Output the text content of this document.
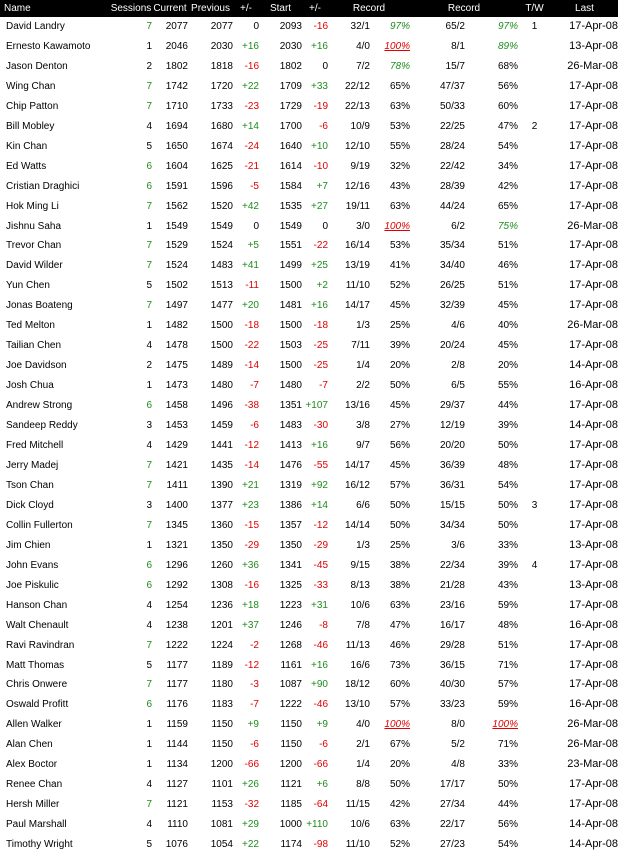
Name	Sessions	Current	Previous	+/-	Start	+/-	Record		Record		T/W	Last
David Landry	7	2077	2077	0	2093	-16	32/1	97%	65/2	97%	1	17-Apr-08
Ernesto Kawamoto	1	2046	2030	+16	2030	+16	4/0	100%	8/1	89%		13-Apr-08
Jason Denton	2	1802	1818	-16	1802	0	7/2	78%	15/7	68%		26-Mar-08
Wing Chan	7	1742	1720	+22	1709	+33	22/12	65%	47/37	56%		17-Apr-08
Chip Patton	7	1710	1733	-23	1729	-19	22/13	63%	50/33	60%		17-Apr-08
Bill Mobley	4	1694	1680	+14	1700	-6	10/9	53%	22/25	47%	2	17-Apr-08
Kin Chan	5	1650	1674	-24	1640	+10	12/10	55%	28/24	54%		17-Apr-08
Ed Watts	6	1604	1625	-21	1614	-10	9/19	32%	22/42	34%		17-Apr-08
Cristian Draghici	6	1591	1596	-5	1584	+7	12/16	43%	28/39	42%		17-Apr-08
Hok Ming Li	7	1562	1520	+42	1535	+27	19/11	63%	44/24	65%		17-Apr-08
Jishnu Saha	1	1549	1549	0	1549	0	3/0	100%	6/2	75%		26-Mar-08
Trevor Chan	7	1529	1524	+5	1551	-22	16/14	53%	35/34	51%		17-Apr-08
David Wilder	7	1524	1483	+41	1499	+25	13/19	41%	34/40	46%		17-Apr-08
Yun Chen	5	1502	1513	-11	1500	+2	11/10	52%	26/25	51%		17-Apr-08
Jonas Boateng	7	1497	1477	+20	1481	+16	14/17	45%	32/39	45%		17-Apr-08
Ted Melton	1	1482	1500	-18	1500	-18	1/3	25%	4/6	40%		26-Mar-08
Tailian Chen	4	1478	1500	-22	1503	-25	7/11	39%	20/24	45%		17-Apr-08
Joe Davidson	2	1475	1489	-14	1500	-25	1/4	20%	2/8	20%		14-Apr-08
Josh Chua	1	1473	1480	-7	1480	-7	2/2	50%	6/5	55%		16-Apr-08
Andrew Strong	6	1458	1496	-38	1351	+107	13/16	45%	29/37	44%		17-Apr-08
Sandeep Reddy	3	1453	1459	-6	1483	-30	3/8	27%	12/19	39%		14-Apr-08
Fred Mitchell	4	1429	1441	-12	1413	+16	9/7	56%	20/20	50%		17-Apr-08
Jerry Madej	7	1421	1435	-14	1476	-55	14/17	45%	36/39	48%		17-Apr-08
Tson Chan	7	1411	1390	+21	1319	+92	16/12	57%	36/31	54%		17-Apr-08
Dick Cloyd	3	1400	1377	+23	1386	+14	6/6	50%	15/15	50%	3	17-Apr-08
Collin Fullerton	7	1345	1360	-15	1357	-12	14/14	50%	34/34	50%		17-Apr-08
Jim Chien	1	1321	1350	-29	1350	-29	1/3	25%	3/6	33%		13-Apr-08
John Evans	6	1296	1260	+36	1341	-45	9/15	38%	22/34	39%	4	17-Apr-08
Joe Piskulic	6	1292	1308	-16	1325	-33	8/13	38%	21/28	43%		13-Apr-08
Hanson Chan	4	1254	1236	+18	1223	+31	10/6	63%	23/16	59%		17-Apr-08
Walt Chenault	4	1238	1201	+37	1246	-8	7/8	47%	16/17	48%		16-Apr-08
Ravi Ravindran	7	1222	1224	-2	1268	-46	11/13	46%	29/28	51%		17-Apr-08
Matt Thomas	5	1177	1189	-12	1161	+16	16/6	73%	36/15	71%		17-Apr-08
Chris Onwere	7	1177	1180	-3	1087	+90	18/12	60%	40/30	57%		17-Apr-08
Oswald Profitt	6	1176	1183	-7	1222	-46	13/10	57%	33/23	59%		16-Apr-08
Allen Walker	1	1159	1150	+9	1150	+9	4/0	100%	8/0	100%		26-Mar-08
Alan Chen	1	1144	1150	-6	1150	-6	2/1	67%	5/2	71%		26-Mar-08
Alex Boctor	1	1134	1200	-66	1200	-66	1/4	20%	4/8	33%		23-Mar-08
Renee Chan	4	1127	1101	+26	1121	+6	8/8	50%	17/17	50%		17-Apr-08
Hersh Miller	7	1121	1153	-32	1185	-64	11/15	42%	27/34	44%		17-Apr-08
Paul Marshall	4	1110	1081	+29	1000	+110	10/6	63%	22/17	56%		14-Apr-08
Timothy Wright	5	1076	1054	+22	1174	-98	11/10	52%	27/23	54%		14-Apr-08
